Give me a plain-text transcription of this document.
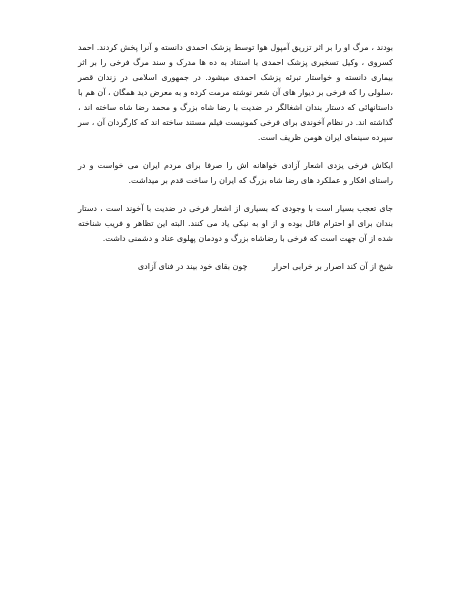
بودند ، مرگ او را بر اثر تزریق آمپول هوا توسط پزشک احمدی دانسته و آنرا پخش کردند. احمد کسروی ، وکیل تسخیری پزشک احمدی با استناد به ده ها مدرک و سند مرگ فرخی را بر اثر بیماری دانسته و خواستار تبرئه پزشک احمدی میشود. در جمهوری اسلامی در زندان قصر ،سلولی را که فرخی بر دیوار های آن شعر نوشته مرمت کرده و به معرض دید همگان ، آن هم با داستانهائی که دستار بندان اشغالگر در ضدیت با رضا شاه بزرگ و محمد رضا شاه ساخته اند ، گذاشته اند. در نظام آخوندی برای فرخی کمونیست فیلم مستند ساخته اند که کارگردان آن ، سر سپرده سینمای ایران هومن ظریف است.

ایکاش فرخی یزدی اشعار آزادی خواهانه اش را صرفا برای مردم ایران می خواست و در راستای افکار و عملکرد های رضا شاه بزرگ که ایران را ساخت قدم بر میداشت.

جای تعجب بسیار است با وجودی که بسیاری از اشعار فرخی در ضدیت با آخوند است ، دستار بندان برای او احترام قائل بوده و از او به نیکی یاد می کنند. البته این تظاهر و فریب شناخته شده از آن جهت است که فرخی با رضاشاه بزرگ و دودمان پهلوی عناد و دشمنی داشت.

شیخ از آن کند اصرار بر خرابی احرار چون بقای خود بیند در فنای آزادی
